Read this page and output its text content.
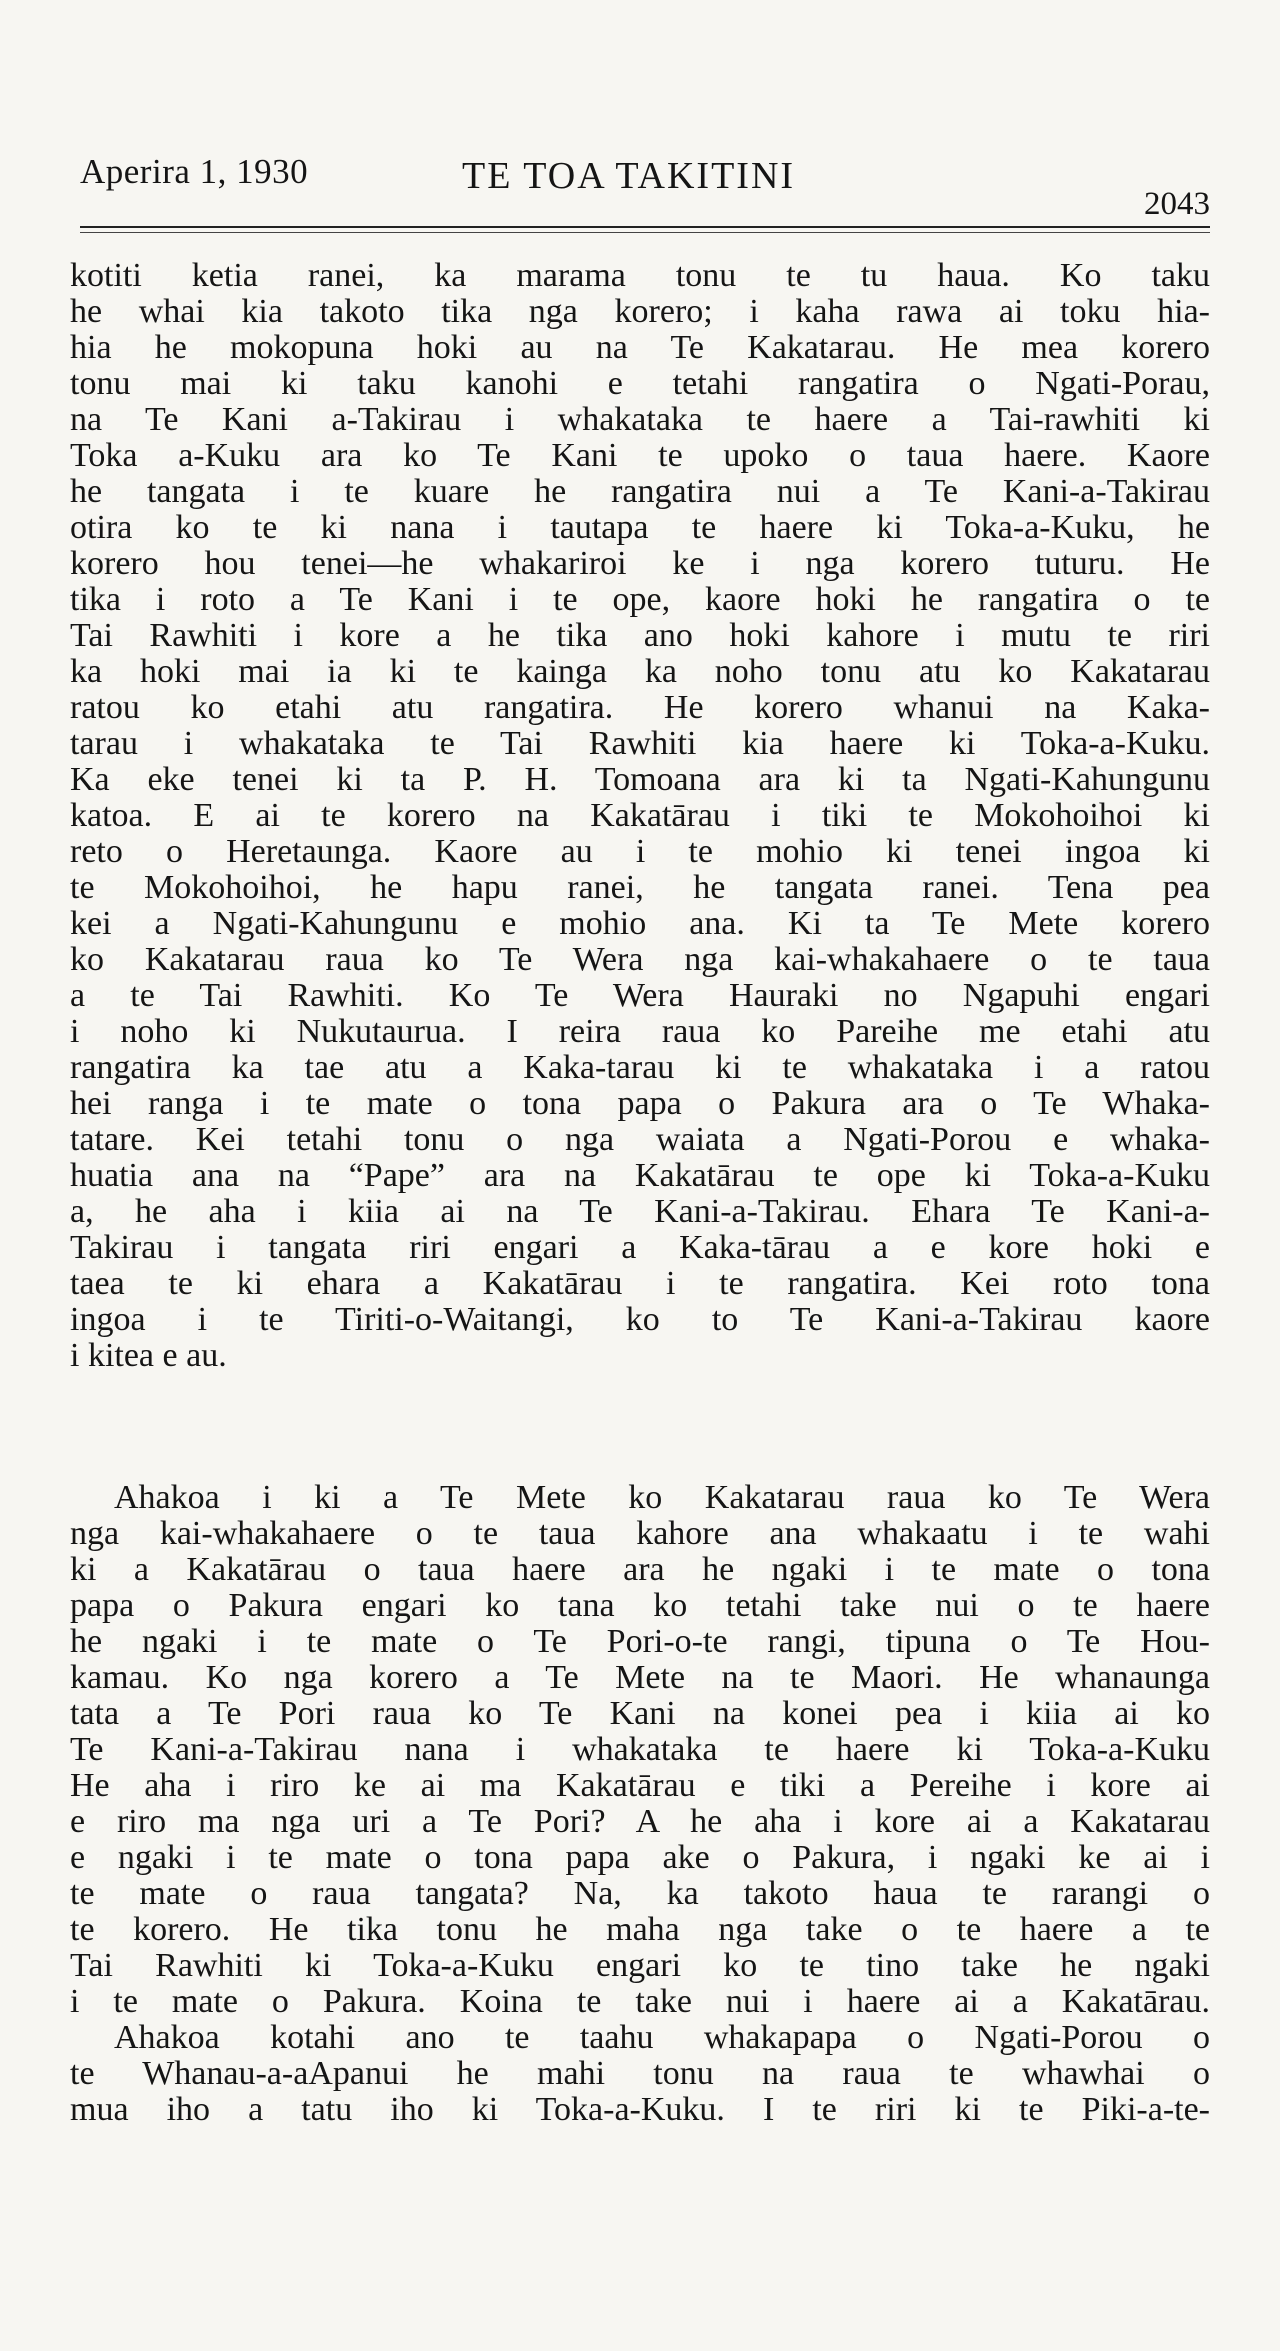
Aperira 1, 1930	TE TOA TAKITINI
2043
kotiti ketia ranei, ka marama tonu te tu haua. Ko taku
he whai kia takoto tika nga korero; i kaha rawa ai toku hia-
hia he mokopuna hoki au na Te Kakatarau. He mea korero
tonu mai ki taku kanohi e tetahi rangatira o Ngati-Porau,
na Te Kani a-Takirau i whakataka te haere a Tai-rawhiti ki
Toka a-Kuku ara ko Te Kani te upoko o taua haere. Kaore
he tangata i te kuare he rangatira nui a Te Kani-a-Takirau
otira ko te ki nana i tautapa te haere ki Toka-a-Kuku, he
korero hou tenei—he whakariroi ke i nga korero tuturu. He
tika i roto a Te Kani i te ope, kaore hoki he rangatira o te
Tai Rawhiti i kore a he tika ano hoki kahore i mutu te riri
ka hoki mai ia ki te kainga ka noho tonu atu ko Kakatarau
ratou ko etahi atu rangatira. He korero whanui na Kaka-
tarau i whakataka te Tai Rawhiti kia haere ki Toka-a-Kuku.
Ka eke tenei ki ta P. H. Tomoana ara ki ta Ngati-Kahungunu
katoa. E ai te korero na Kakatārau i tiki te Mokohoihoi ki
reto o Heretaunga. Kaore au i te mohio ki tenei ingoa ki
te Mokohoihoi, he hapu ranei, he tangata ranei. Tena pea
kei a Ngati-Kahungunu e mohio ana. Ki ta Te Mete korero
ko Kakatarau raua ko Te Wera nga kai-whakahaere o te taua
a te Tai Rawhiti. Ko Te Wera Hauraki no Ngapuhi engari
i noho ki Nukutaurua. I reira raua ko Pareihe me etahi atu
rangatira ka tae atu a Kaka-tarau ki te whakataka i a ratou
hei ranga i te mate o tona papa o Pakura ara o Te Whaka-
tatare. Kei tetahi tonu o nga waiata a Ngati-Porou e whaka-
huatia ana na “Pape” ara na Kakatārau te ope ki Toka-a-Kuku
a, he aha i kiia ai na Te Kani-a-Takirau. Ehara Te Kani-a-
Takirau i tangata riri engari a Kaka-tārau a e kore hoki e
taea te ki ehara a Kakatārau i te rangatira. Kei roto tona
ingoa i te Tiriti-o-Waitangi, ko to Te Kani-a-Takirau kaore
i kitea e au.
Ahakoa i ki a Te Mete ko Kakatarau raua ko Te Wera
nga kai-whakahaere o te taua kahore ana whakaatu i te wahi
ki a Kakatārau o taua haere ara he ngaki i te mate o tona
papa o Pakura engari ko tana ko tetahi take nui o te haere
he ngaki i te mate o Te Pori-o-te rangi, tipuna o Te Hou-
kamau. Ko nga korero a Te Mete na te Maori. He whanaunga
tata a Te Pori raua ko Te Kani na konei pea i kiia ai ko
Te Kani-a-Takirau nana i whakataka te haere ki Toka-a-Kuku
He aha i riro ke ai ma Kakatārau e tiki a Pereihe i kore ai
e riro ma nga uri a Te Pori? A he aha i kore ai a Kakatarau
e ngaki i te mate o tona papa ake o Pakura, i ngaki ke ai i
te mate o raua tangata? Na, ka takoto haua te rarangi o
te korero. He tika tonu he maha nga take o te haere a te
Tai Rawhiti ki Toka-a-Kuku engari ko te tino take he ngaki
i te mate o Pakura. Koina te take nui i haere ai a Kakatārau.
Ahakoa kotahi ano te taahu whakapapa o Ngati-Porou o
te Whanau-a-aApanui he mahi tonu na raua te whawhai o
mua iho a tatu iho ki Toka-a-Kuku. I te riri ki te Piki-a-te-
